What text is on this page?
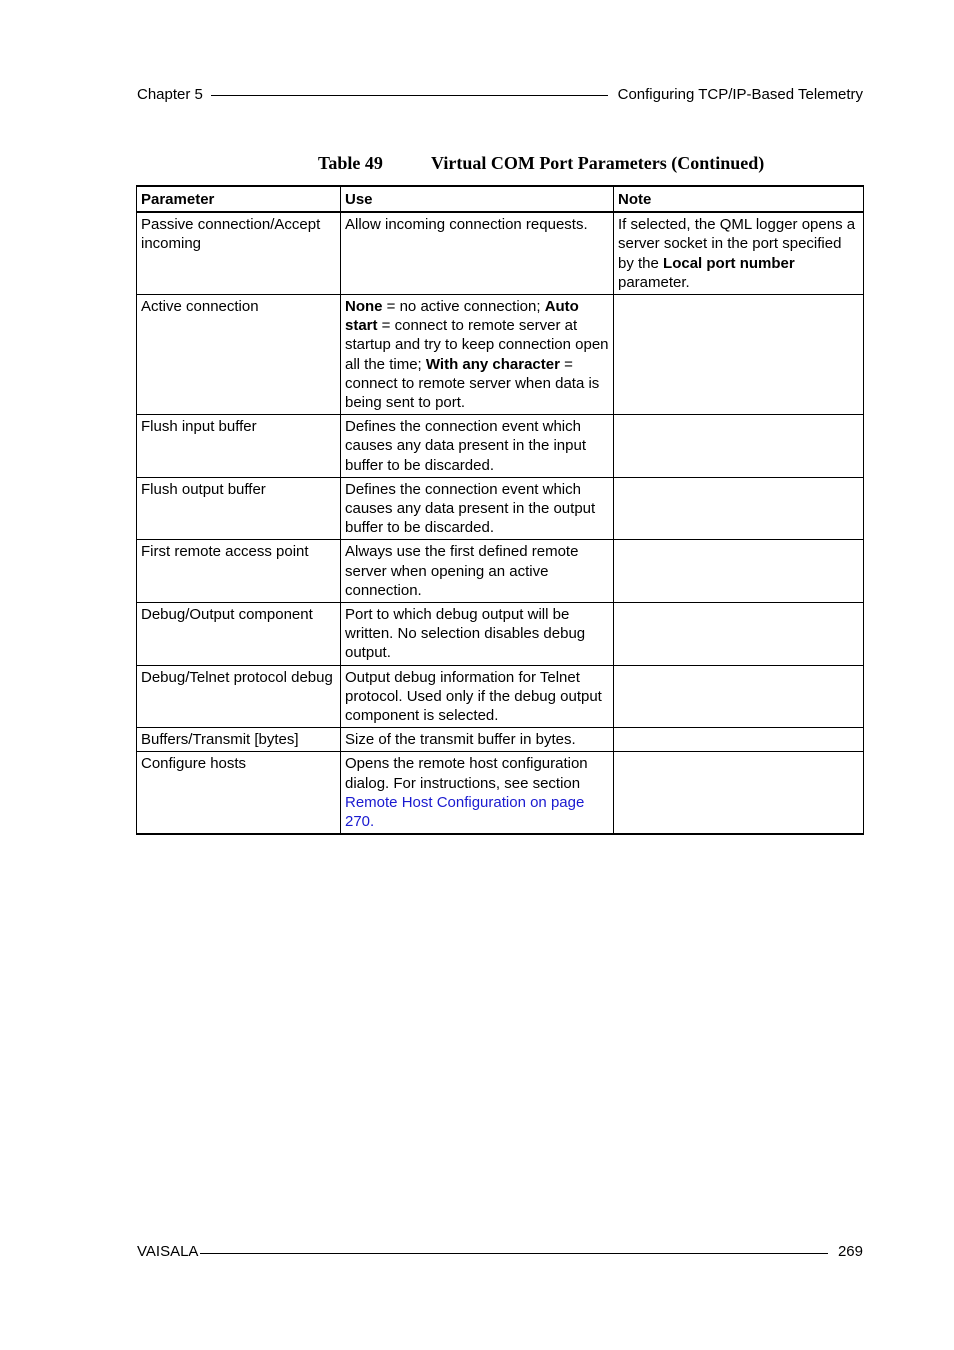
Chapter 5	Configuring TCP/IP-Based Telemetry
Table 49	Virtual COM Port Parameters (Continued)
Parameter	Use	Note
Passive connection/Accept incoming	Allow incoming connection requests.	If selected, the QML logger opens a server socket in the port specified by the Local port number parameter.
Active connection	None = no active connection; Auto start = connect to remote server at startup and try to keep connection open all the time; With any character = connect to remote server when data is being sent to port.	
Flush input buffer	Defines the connection event which causes any data present in the input buffer to be discarded.	
Flush output buffer	Defines the connection event which causes any data present in the output buffer to be discarded.	
First remote access point	Always use the first defined remote server when opening an active connection.	
Debug/Output component	Port to which debug output will be written. No selection disables debug output.	
Debug/Telnet protocol debug	Output debug information for Telnet protocol. Used only if the debug output component is selected.	
Buffers/Transmit [bytes]	Size of the transmit buffer in bytes.	
Configure hosts	Opens the remote host configuration dialog. For instructions, see section Remote Host Configuration on page 270.	
VAISALA	269
